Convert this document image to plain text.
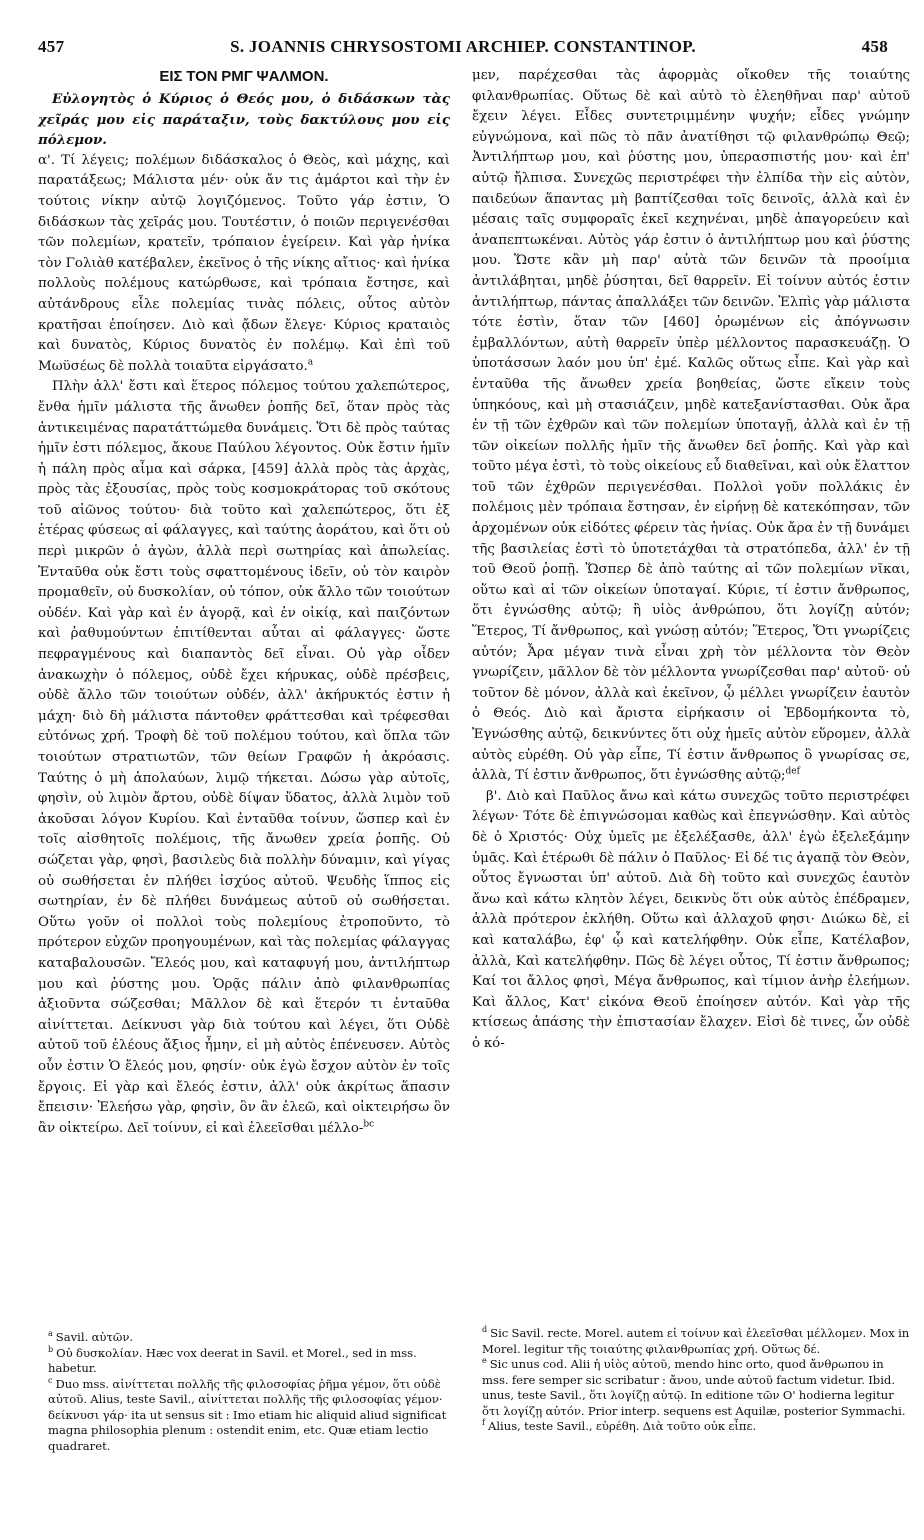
457	S. JOANNIS CHRYSOSTOMI ARCHIEP. CONSTANTINOP.	458
ΕΙΣ ΤΟΝ ΡΜΓ ΨΑΛΜΟΝ.

Εὐλογητὸς ὁ Κύριος ὁ Θεός μου, ὁ διδάσκων τὰς χεῖράς μου εἰς παράταξιν, τοὺς δακτύλους μου εἰς πόλεμον.

α'. Τί λέγεις; πολέμων διδάσκαλος ὁ Θεὸς, καὶ μάχης, καὶ παρατάξεως; Μάλιστα μέν· οὐκ ἄν τις ἁμάρτοι καὶ τὴν ἐν τούτοις νίκην αὐτῷ λογιζόμενος. Τοῦτο γάρ ἐστιν, Ὁ διδάσκων τὰς χεῖράς μου. Τουτέστιν, ὁ ποιῶν περιγενέσθαι τῶν πολεμίων, κρατεῖν, τρόπαιον ἐγείρειν. Καὶ γὰρ ἡνίκα τὸν Γολιὰθ κατέβαλεν, ἐκεῖνος ὁ τῆς νίκης αἴτιος· καὶ ἡνίκα πολλοὺς πολέμους κατώρθωσε, καὶ τρόπαια ἔστησε, καὶ αὐτάνδρους εἷλε πολεμίας τινὰς πόλεις, οὗτος αὐτὸν κρατῆσαι ἐποίησεν. Διὸ καὶ ᾄδων ἔλεγε· Κύριος κραταιὸς καὶ δυνατὸς, Κύριος δυνατὸς ἐν πολέμῳ. Καὶ ἐπὶ τοῦ Μωϋσέως δὲ πολλὰ τοιαῦτα εἰργάσατο.$^a$

Πλὴν ἀλλ' ἔστι καὶ ἕτερος πόλεμος τούτου χαλεπώτερος, ἔνθα ἡμῖν μάλιστα τῆς ἄνωθεν ῥοπῆς δεῖ, ὅταν πρὸς τὰς ἀντικειμένας παρατάττώμεθα δυνάμεις. Ὅτι δὲ πρὸς ταύτας ἡμῖν ἐστι πόλεμος, ἄκουε Παύλου λέγοντος. Οὐκ ἔστιν ἡμῖν ἡ πάλη πρὸς αἷμα καὶ σάρκα, [459] ἀλλὰ πρὸς τὰς ἀρχὰς, πρὸς τὰς ἐξουσίας, πρὸς τοὺς κοσμοκράτορας τοῦ σκότους τοῦ αἰῶνος τούτου· διὰ τοῦτο καὶ χαλεπώτερος, ὅτι ἐξ ἑτέρας φύσεως αἱ φάλαγγες, καὶ ταύτης ἀοράτου, καὶ ὅτι οὐ περὶ μικρῶν ὁ ἀγὼν, ἀλλὰ περὶ σωτηρίας καὶ ἀπωλείας. Ἐνταῦθα οὐκ ἔστι τοὺς σφαττομένους ἰδεῖν, οὐ τὸν καιρὸν προμαθεῖν, οὐ δυσκολίαν, οὐ τόπον, οὐκ ἄλλο τῶν τοιούτων οὐδέν. Καὶ γὰρ καὶ ἐν ἀγορᾷ, καὶ ἐν οἰκίᾳ, καὶ παιζόντων καὶ ῥαθυμούντων ἐπιτίθενται αὗται αἱ φάλαγγες· ὥστε πεφραγμένους καὶ διαπαντὸς δεῖ εἶναι. Οὐ γὰρ οἶδεν ἀνακωχὴν ὁ πόλεμος, οὐδὲ ἔχει κήρυκας, οὐδὲ πρέσβεις, οὐδὲ ἄλλο τῶν τοιούτων οὐδέν, ἀλλ' ἀκήρυκτός ἐστιν ἡ μάχη· διὸ δὴ μάλιστα πάντοθεν φράττεσθαι καὶ τρέφεσθαι εὐτόνως χρή. Τροφὴ δὲ τοῦ πολέμου τούτου, καὶ ὅπλα τῶν τοιούτων στρατιωτῶν, τῶν θείων Γραφῶν ἡ ἀκρόασις. Ταύτης ὁ μὴ ἀπολαύων, λιμῷ τήκεται. Δώσω γὰρ αὐτοῖς, φησὶν, οὐ λιμὸν ἄρτου, οὐδὲ δίψαν ὕδατος, ἀλλὰ λιμὸν τοῦ ἀκοῦσαι λόγον Κυρίου. Καὶ ἐνταῦθα τοίνυν, ὥσπερ καὶ ἐν τοῖς αἰσθητοῖς πολέμοις, τῆς ἄνωθεν χρεία ῥοπῆς. Οὐ σώζεται γὰρ, φησὶ, βασιλεὺς διὰ πολλὴν δύναμιν, καὶ γίγας οὐ σωθήσεται ἐν πλήθει ἰσχύος αὐτοῦ. Ψευδὴς ἵππος εἰς σωτηρίαν, ἐν δὲ πλήθει δυνάμεως αὐτοῦ οὐ σωθήσεται. Οὕτω γοῦν οἱ πολλοὶ τοὺς πολεμίους ἐτροποῦντο, τὸ πρότερον εὐχῶν προηγουμένων, καὶ τὰς πολεμίας φάλαγγας καταβαλουσῶν. Ἔλεός μου, καὶ καταφυγή μου, ἀντιλήπτωρ μου καὶ ῥύστης μου. Ὁρᾷς πάλιν ἀπὸ φιλανθρωπίας ἀξιοῦντα σώζεσθαι; Μᾶλλον δὲ καὶ ἕτερόν τι ἐνταῦθα αἰνίττεται. Δείκνυσι γὰρ διὰ τούτου καὶ λέγει, ὅτι Οὐδὲ αὐτοῦ τοῦ ἐλέους ἄξιος ἦμην, εἰ μὴ αὐτὸς ἐπένευσεν. Αὐτὸς οὖν ἐστιν Ὁ ἔλεός μου, φησίν· οὐκ ἐγὼ ἔσχον αὐτὸν ἐν τοῖς ἔργοις. Εἰ γὰρ καὶ ἔλεός ἐστιν, ἀλλ' οὐκ ἀκρίτως ἅπασιν ἔπεισιν· Ἐλεήσω γὰρ, φησὶν, ὃν ἂν ἐλεῶ, καὶ οἰκτειρήσω ὃν ἂν οἰκτείρω. Δεῖ τοίνυν, εἰ καὶ ἐλεεῖσθαι μέλλο-$^{bc}$

μεν, παρέχεσθαι τὰς ἀφορμὰς οἴκοθεν τῆς τοιαύτης φιλανθρωπίας. Οὕτως δὲ καὶ αὐτὸ τὸ ἐλεηθῆναι παρ' αὐτοῦ ἔχειν λέγει. Εἶδες συντετριμμένην ψυχήν; εἶδες γνώμην εὐγνώμονα, καὶ πῶς τὸ πᾶν ἀνατίθησι τῷ φιλανθρώπῳ Θεῷ; Ἀντιλήπτωρ μου, καὶ ῥύστης μου, ὑπερασπιστής μου· καὶ ἐπ' αὐτῷ ἤλπισα. Συνεχῶς περιστρέφει τὴν ἐλπίδα τὴν εἰς αὐτὸν, παιδεύων ἅπαντας μὴ βαπτίζεσθαι τοῖς δεινοῖς, ἀλλὰ καὶ ἐν μέσαις ταῖς συμφοραῖς ἐκεῖ κεχηνέναι, μηδὲ ἀπαγορεύειν καὶ ἀναπεπτωκέναι. Αὐτὸς γάρ ἐστιν ὁ ἀντιλήπτωρ μου καὶ ῥύστης μου. Ὥστε κἂν μὴ παρ' αὐτὰ τῶν δεινῶν τὰ προοίμια ἀντιλάβηται, μηδὲ ῥύσηται, δεῖ θαρρεῖν. Εἰ τοίνυν αὐτός ἐστιν ἀντιλήπτωρ, πάντας ἀπαλλάξει τῶν δεινῶν. Ἐλπὶς γὰρ μάλιστα τότε ἐστὶν, ὅταν τῶν [460] ὁρωμένων εἰς ἀπόγνωσιν ἐμβαλλόντων, αὐτὴ θαρρεῖν ὑπὲρ μέλλοντος παρασκευάζῃ. Ὁ ὑποτάσσων λαόν μου ὑπ' ἐμέ. Καλῶς οὕτως εἶπε. Καὶ γὰρ καὶ ἐνταῦθα τῆς ἄνωθεν χρεία βοηθείας, ὥστε εἴκειν τοὺς ὑπηκόους, καὶ μὴ στασιάζειν, μηδὲ κατεξανίστασθαι. Οὐκ ἄρα ἐν τῇ τῶν ἐχθρῶν καὶ τῶν πολεμίων ὑποταγῇ, ἀλλὰ καὶ ἐν τῇ τῶν οἰκείων πολλῆς ἡμῖν τῆς ἄνωθεν δεῖ ῥοπῆς. Καὶ γὰρ καὶ τοῦτο μέγα ἐστὶ, τὸ τοὺς οἰκείους εὖ διαθεῖναι, καὶ οὐκ ἔλαττον τοῦ τῶν ἐχθρῶν περιγενέσθαι. Πολλοὶ γοῦν πολλάκις ἐν πολέμοις μὲν τρόπαια ἔστησαν, ἐν εἰρήνῃ δὲ κατεκόπησαν, τῶν ἀρχομένων οὐκ εἰδότες φέρειν τὰς ἡνίας. Οὐκ ἄρα ἐν τῇ δυνάμει τῆς βασιλείας ἐστὶ τὸ ὑποτετάχθαι τὰ στρατόπεδα, ἀλλ' ἐν τῇ τοῦ Θεοῦ ῥοπῇ. Ὥσπερ δὲ ἀπὸ ταύτης αἱ τῶν πολεμίων νῖκαι, οὕτω καὶ αἱ τῶν οἰκείων ὑποταγαί. Κύριε, τί ἐστιν ἄνθρωπος, ὅτι ἐγνώσθης αὐτῷ; ἢ υἱὸς ἀνθρώπου, ὅτι λογίζῃ αὐτόν; Ἕτερος, Τί ἄνθρωπος, καὶ γνώσῃ αὐτόν; Ἕτερος, Ὅτι γνωρίζεις αὐτόν; Ἆρα μέγαν τινὰ εἶναι χρὴ τὸν μέλλοντα τὸν Θεὸν γνωρίζειν, μᾶλλον δὲ τὸν μέλλοντα γνωρίζεσθαι παρ' αὐτοῦ· οὐ τοῦτον δὲ μόνον, ἀλλὰ καὶ ἐκεῖνον, ᾧ μέλλει γνωρίζειν ἑαυτὸν ὁ Θεός. Διὸ καὶ ἄριστα εἰρήκασιν οἱ Ἑβδομήκοντα τὸ, Ἐγνώσθης αὐτῷ, δεικνύντες ὅτι οὐχ ἡμεῖς αὐτὸν εὕρομεν, ἀλλὰ αὐτὸς εὑρέθη. Οὐ γὰρ εἶπε, Τί ἐστιν ἄνθρωπος ὃ γνωρίσας σε, ἀλλὰ, Τί ἐστιν ἄνθρωπος, ὅτι ἐγνώσθης αὐτῷ;$^{def}$

β'. Διὸ καὶ Παῦλος ἄνω καὶ κάτω συνεχῶς τοῦτο περιστρέφει λέγων· Τότε δὲ ἐπιγνώσομαι καθὼς καὶ ἐπεγνώσθην. Καὶ αὐτὸς δὲ ὁ Χριστός· Οὐχ ὑμεῖς με ἐξελέξασθε, ἀλλ' ἐγὼ ἐξελεξάμην ὑμᾶς. Καὶ ἑτέρωθι δὲ πάλιν ὁ Παῦλος· Εἰ δέ τις ἀγαπᾷ τὸν Θεὸν, οὗτος ἔγνωσται ὑπ' αὐτοῦ. Διὰ δὴ τοῦτο καὶ συνεχῶς ἑαυτὸν ἄνω καὶ κάτω κλητὸν λέγει, δεικνὺς ὅτι οὐκ αὐτὸς ἐπέδραμεν, ἀλλὰ πρότερον ἐκλήθη. Οὕτω καὶ ἀλλαχοῦ φησι· Διώκω δὲ, εἰ καὶ καταλάβω, ἐφ' ᾧ καὶ κατελήφθην. Οὐκ εἶπε, Κατέλαβον, ἀλλὰ, Καὶ κατελήφθην. Πῶς δὲ λέγει οὗτος, Τί ἐστιν ἄνθρωπος; Καί τοι ἄλλος φησὶ, Μέγα ἄνθρωπος, καὶ τίμιον ἀνὴρ ἐλεήμων. Καὶ ἄλλος, Κατ' εἰκόνα Θεοῦ ἐποίησεν αὐτόν. Καὶ γὰρ τῆς κτίσεως ἁπάσης τὴν ἐπιστασίαν ἔλαχεν. Εἰσὶ δὲ τινες, ὧν οὐδὲ ὁ κό-

$^a$ Savil. αὐτῶν.
$^b$ Οὐ δυσκολίαν. Hæc vox deerat in Savil. et Morel., sed in mss. habetur.
$^c$ Duo mss. αἰνίττεται πολλῆς τῆς φιλοσοφίας ῥῆμα γέμον, ὅτι οὐδὲ αὐτοῦ. Alius, teste Savil., αἰνίττεται πολλῆς τῆς φιλοσοφίας γέμον· δείκνυσι γάρ· ita ut sensus sit : Imo etiam hic aliquid aliud significat magna philosophia plenum : ostendit enim, etc. Quæ etiam lectio quadraret.
$^d$ Sic Savil. recte. Morel. autem εἰ τοίνυν καὶ ἐλεεῖσθαι μέλλομεν. Mox in Morel. legitur τῆς τοιαύτης φιλανθρωπίας χρή. Οὕτως δέ.
$^e$ Sic unus cod. Alii ἡ υἱὸς αὐτοῦ, mendo hinc orto, quod ἄνθρωπου in mss. fere semper sic scribatur : ἄνου, unde αὐτοῦ factum videtur. Ibid. unus, teste Savil., ὅτι λογίζῃ αὐτῷ. In editione τῶν Ο' hodierna legitur ὅτι λογίζῃ αὐτόν. Prior interp. sequens est Aquilæ, posterior Symmachi.
$^f$ Alius, teste Savil., εὑρέθη. Διὰ τοῦτο οὐκ εἶπε.
